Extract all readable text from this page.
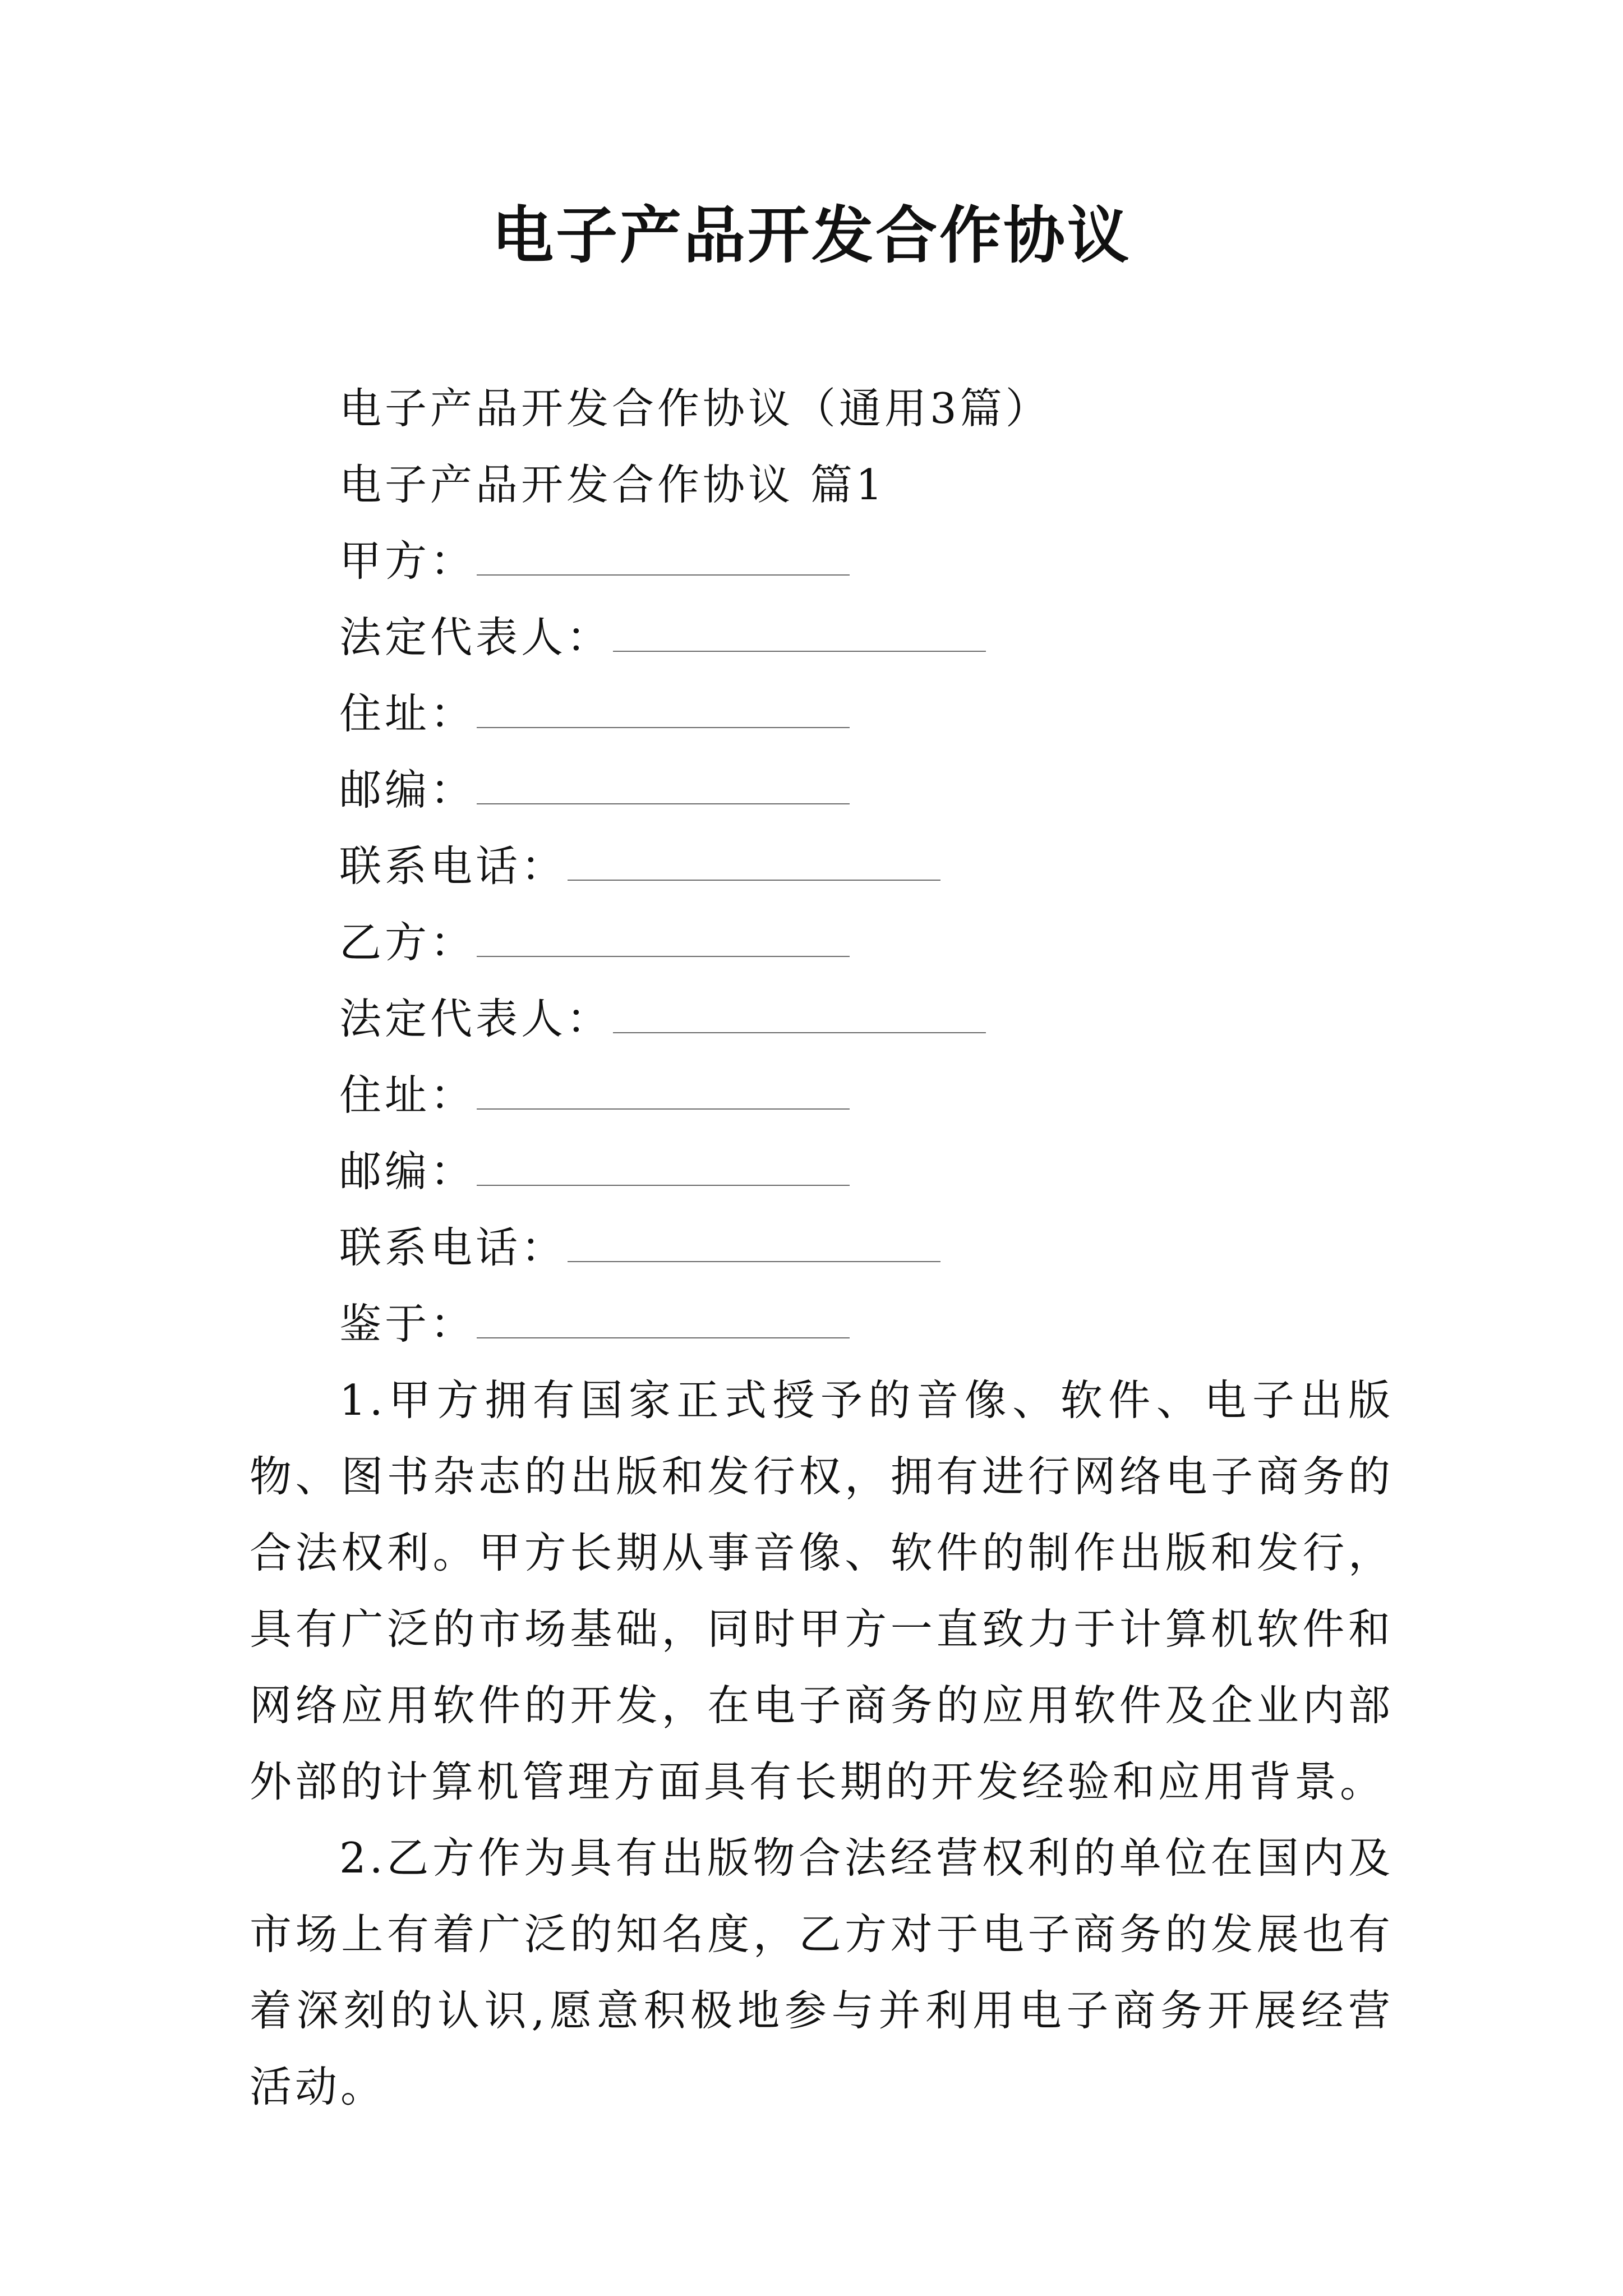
电子产品开发合作协议
电子产品开发合作协议（通用3篇）
电子产品开发合作协议 篇1
甲方：
法定代表人：
住址：
邮编：
联系电话：
乙方：
法定代表人：
住址：
邮编：
联系电话：
鉴于：

1.甲方拥有国家正式授予的音像、软件、电子出版物、图书杂志的出版和发行权，拥有进行网络电子商务的合法权利。甲方长期从事音像、软件的制作出版和发行，具有广泛的市场基础，同时甲方一直致力于计算机软件和网络应用软件的开发，在电子商务的应用软件及企业内部外部的计算机管理方面具有长期的开发经验和应用背景。

2.乙方作为具有出版物合法经营权利的单位在国内及市场上有着广泛的知名度，乙方对于电子商务的发展也有着深刻的认识,愿意积极地参与并利用电子商务开展经营活动。
